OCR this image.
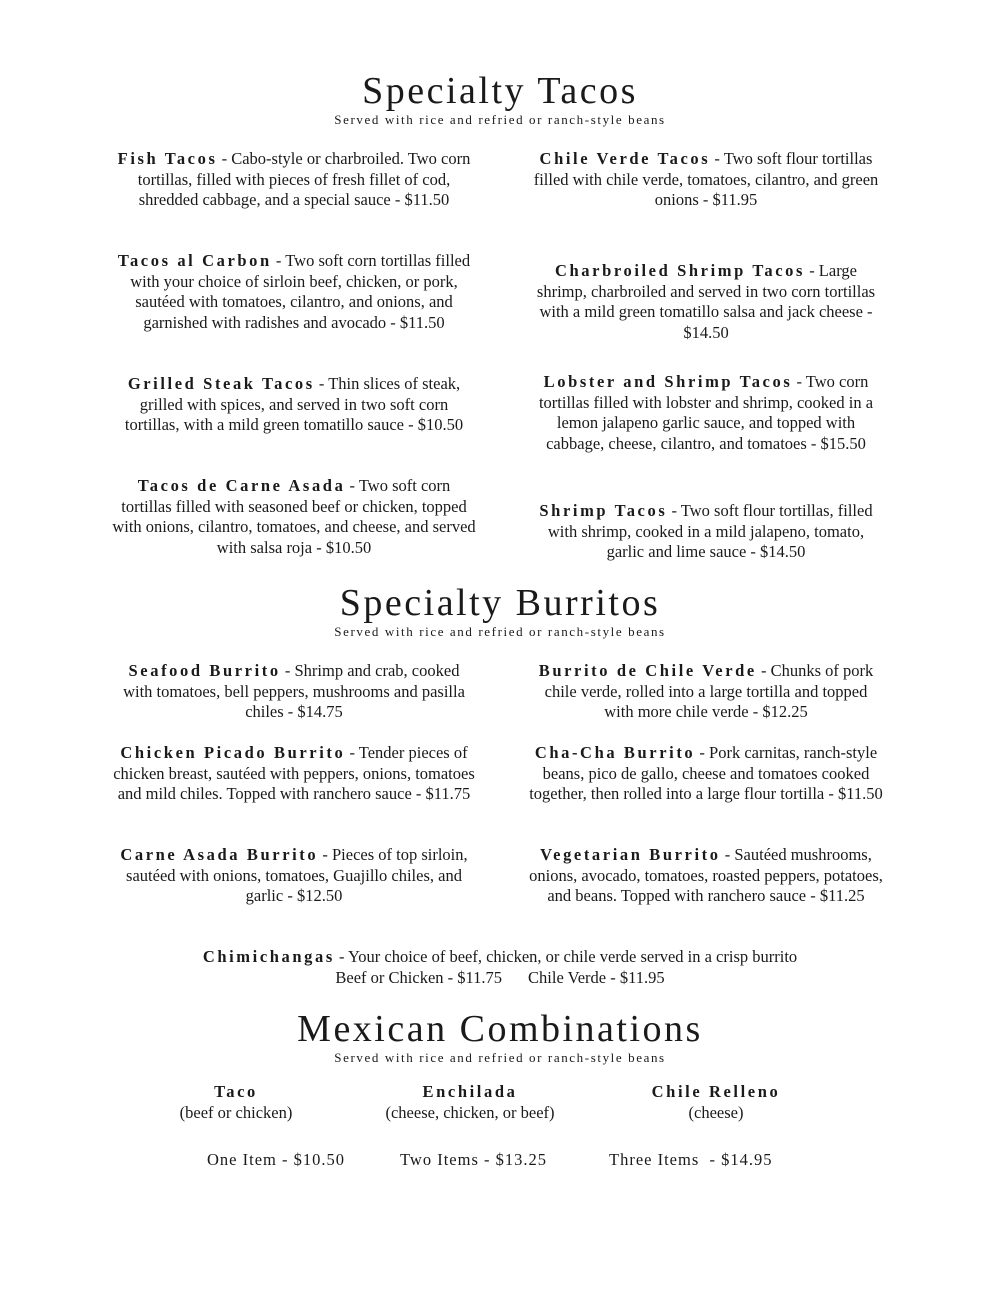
Specialty Tacos
Served with rice and refried or ranch-style beans
Fish Tacos - Cabo-style or charbroiled. Two corn tortillas, filled with pieces of fresh fillet of cod, shredded cabbage, and a special sauce - $11.50
Tacos al Carbon - Two soft corn tortillas filled with your choice of sirloin beef, chicken, or pork, sautéed with tomatoes, cilantro, and onions, and garnished with radishes and avocado - $11.50
Grilled Steak Tacos - Thin slices of steak, grilled with spices, and served in two soft corn tortillas, with a mild green tomatillo sauce - $10.50
Tacos de Carne Asada - Two soft corn tortillas filled with seasoned beef or chicken, topped with onions, cilantro, tomatoes, and cheese, and served with salsa roja - $10.50
Chile Verde Tacos - Two soft flour tortillas filled with chile verde, tomatoes, cilantro, and green onions - $11.95
Charbroiled Shrimp Tacos - Large shrimp, charbroiled and served in two corn tortillas with a mild green tomatillo salsa and jack cheese - $14.50
Lobster and Shrimp Tacos - Two corn tortillas filled with lobster and shrimp, cooked in a lemon jalapeno garlic sauce, and topped with cabbage, cheese, cilantro, and tomatoes - $15.50
Shrimp Tacos - Two soft flour tortillas, filled with shrimp, cooked in a mild jalapeno, tomato, garlic and lime sauce - $14.50
Specialty Burritos
Served with rice and refried or ranch-style beans
Seafood Burrito - Shrimp and crab, cooked with tomatoes, bell peppers, mushrooms and pasilla chiles - $14.75
Chicken Picado Burrito - Tender pieces of chicken breast, sautéed with peppers, onions, tomatoes and mild chiles. Topped with ranchero sauce - $11.75
Carne Asada Burrito - Pieces of top sirloin, sautéed with onions, tomatoes, Guajillo chiles, and garlic - $12.50
Burrito de Chile Verde - Chunks of pork chile verde, rolled into a large tortilla and topped with more chile verde - $12.25
Cha-Cha Burrito - Pork carnitas, ranch-style beans, pico de gallo, cheese and tomatoes cooked together, then rolled into a large flour tortilla - $11.50
Vegetarian Burrito - Sautéed mushrooms, onions, avocado, tomatoes, roasted peppers, potatoes, and beans. Topped with ranchero sauce - $11.25
Chimichangas - Your choice of beef, chicken, or chile verde served in a crisp burrito
Beef or Chicken - $11.75 Chile Verde - $11.95
Mexican Combinations
Served with rice and refried or ranch-style beans
Taco
(beef or chicken)
Enchilada
(cheese, chicken, or beef)
Chile Relleno
(cheese)
One Item - $10.50	Two Items - $13.25	Three Items  - $14.95
